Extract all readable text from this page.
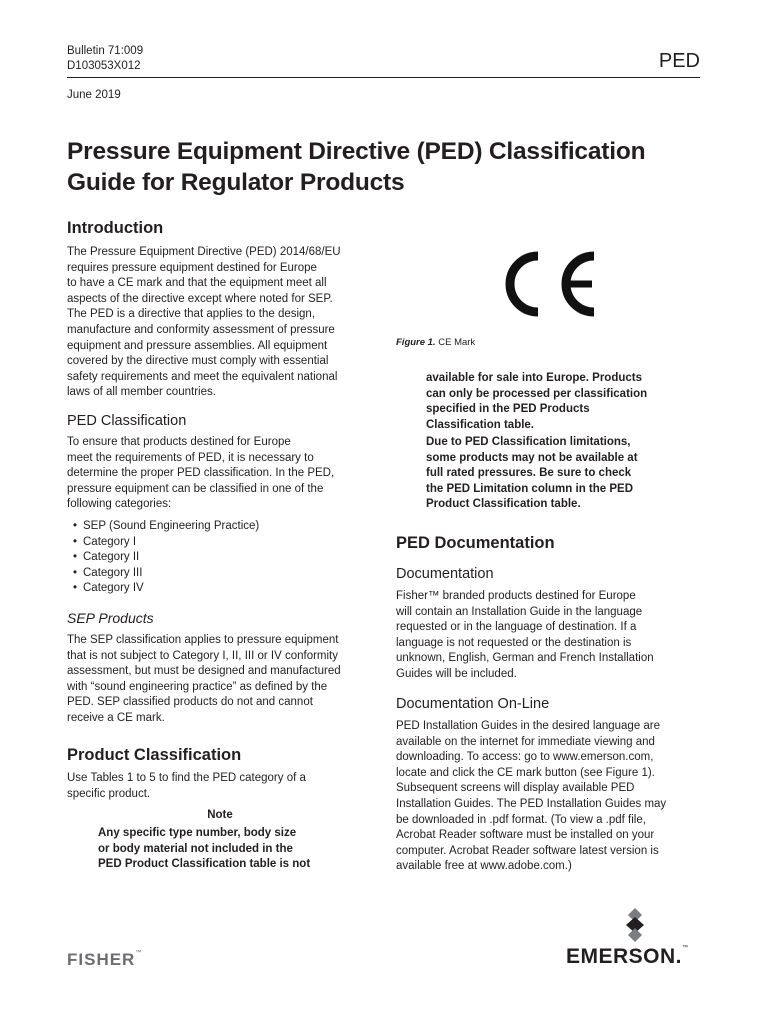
Bulletin 71:009
D103053X012	PED
June 2019
Pressure Equipment Directive (PED) Classification
Guide for Regulator Products
Introduction
The Pressure Equipment Directive (PED) 2014/68/EU
requires pressure equipment destined for Europe
to have a CE mark and that the equipment meet all
aspects of the directive except where noted for SEP.
The PED is a directive that applies to the design,
manufacture and conformity assessment of pressure
equipment and pressure assemblies. All equipment
covered by the directive must comply with essential
safety requirements and meet the equivalent national
laws of all member countries.
PED Classification
To ensure that products destined for Europe
meet the requirements of PED, it is necessary to
determine the proper PED classification. In the PED,
pressure equipment can be classified in one of the
following categories:
• SEP (Sound Engineering Practice)
• Category I
• Category II
• Category III
• Category IV
SEP Products
The SEP classification applies to pressure equipment
that is not subject to Category I, II, III or IV conformity
assessment, but must be designed and manufactured
with “sound engineering practice” as defined by the
PED. SEP classified products do not and cannot
receive a CE mark.
Product Classification
Use Tables 1 to 5 to find the PED category of a
specific product.
Note
Any specific type number, body size
or body material not included in the
PED Product Classification table is not
Figure 1. CE Mark
available for sale into Europe. Products
can only be processed per classification
specified in the PED Products
Classification table.
Due to PED Classification limitations,
some products may not be available at
full rated pressures. Be sure to check
the PED Limitation column in the PED
Product Classification table.
PED Documentation
Documentation
Fisher™ branded products destined for Europe
will contain an Installation Guide in the language
requested or in the language of destination. If a
language is not requested or the destination is
unknown, English, German and French Installation
Guides will be included.
Documentation On-Line
PED Installation Guides in the desired language are
available on the internet for immediate viewing and
downloading. To access: go to www.emerson.com,
locate and click the CE mark button (see Figure 1).
Subsequent screens will display available PED
Installation Guides. The PED Installation Guides may
be downloaded in .pdf format. (To view a .pdf file,
Acrobat Reader software must be installed on your
computer. Acrobat Reader software latest version is
available free at www.adobe.com.)
FISHER™	EMERSON.™
